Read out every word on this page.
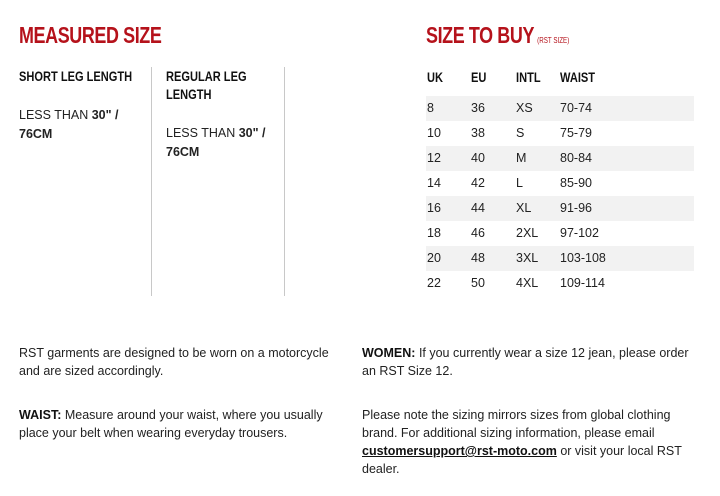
MEASURED SIZE
SHORT LEG LENGTH
LESS THAN 30" /
76CM
REGULAR LEG
LENGTH
LESS THAN 30" /
76CM
SIZE TO BUY (RST SIZE)
UK EU INTL WAIST
8	36 XS 70-74
10 38 S	75-79
12 40 M	80-84
14 42 L	85-90
16 44 XL 91-96
18 46 2XL 97-102
20 48 3XL 103-108
22 50 4XL 109-114
RST garments are designed to be worn on a motorcycle and are sized accordingly.
WAIST: Measure around your waist, where you usually place your belt when wearing everyday trousers.
WOMEN: If you currently wear a size 12 jean, please order an RST Size 12.
Please note the sizing mirrors sizes from global clothing brand. For additional sizing information, please email customersupport@rst-moto.com or visit your local RST dealer.
